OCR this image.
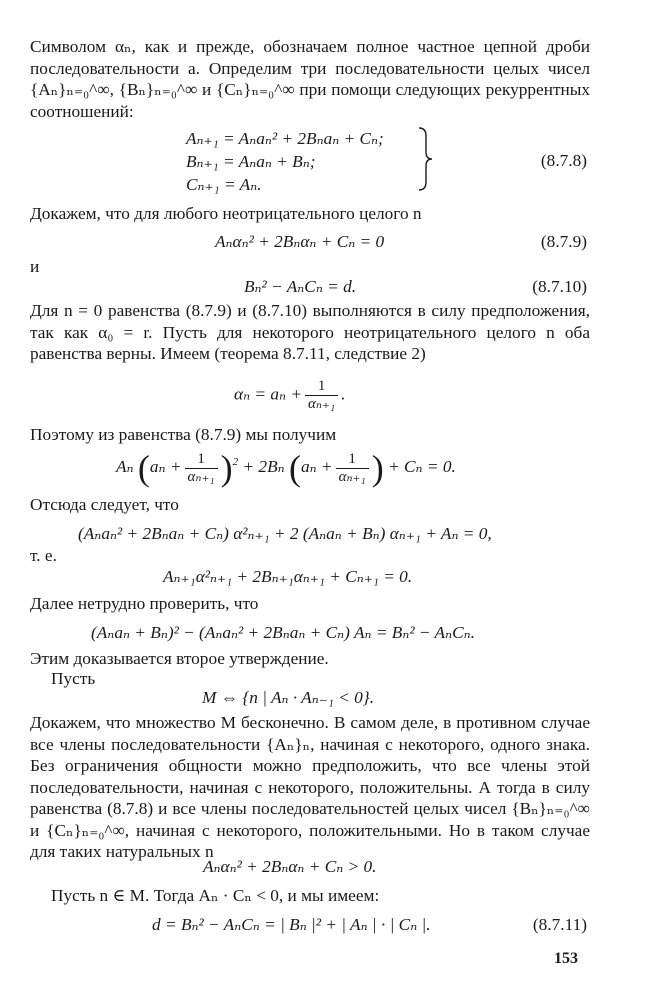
Символом αₙ, как и прежде, обозначаем полное частное цепной дроби последовательности a. Определим три последовательности целых чисел {Aₙ}ₙ₌₀^∞, {Bₙ}ₙ₌₀^∞ и {Cₙ}ₙ₌₀^∞ при помощи следующих рекуррентных соотношений:

Aₙ₊₁ = Aₙaₙ² + 2Bₙaₙ + Cₙ;
Bₙ₊₁ = Aₙaₙ + Bₙ;
Cₙ₊₁ = Aₙ.
(8.7.8)

Докажем, что для любого неотрицательного целого n

Aₙαₙ² + 2Bₙαₙ + Cₙ = 0	(8.7.9)

и

Bₙ² − AₙCₙ = d.	(8.7.10)

Для n = 0 равенства (8.7.9) и (8.7.10) выполняются в силу предположения, так как α₀ = r. Пусть для некоторого неотрицательного целого n оба равенства верны. Имеем (теорема 8.7.11, следствие 2)

$\alpha_n = a_n + \frac{1}{\text{αₙ₊₁}}$ .

Поэтому из равенства (8.7.9) мы получим

Aₙ $(a_n + \frac{1}{\text{αₙ₊₁}} )^2 + 2B_n$ ($a_n + \frac{1}{\text{αₙ₊₁}}$ ) + Cₙ = 0.

Отсюда следует, что

(Aₙaₙ² + 2Bₙaₙ + Cₙ) α²ₙ₊₁ + 2 (Aₙaₙ + Bₙ) αₙ₊₁ + Aₙ = 0,

т. е.

Aₙ₊₁α²ₙ₊₁ + 2Bₙ₊₁αₙ₊₁ + Cₙ₊₁ = 0.

Далее нетрудно проверить, что

(Aₙaₙ + Bₙ)² − (Aₙaₙ² + 2Bₙaₙ + Cₙ) Aₙ = Bₙ² − AₙCₙ.

Этим доказывается второе утверждение.

Пусть

M ⇔ {n | Aₙ · Aₙ₋₁ < 0}.

Докажем, что множество M бесконечно. В самом деле, в противном случае все члены последовательности {Aₙ}ₙ, начиная с некоторого, одного знака. Без ограничения общности можно предположить, что все члены этой последовательности, начиная с некоторого, положительны. А тогда в силу равенства (8.7.8) и все члены последовательностей целых чисел {Bₙ}ₙ₌₀^∞ и {Cₙ}ₙ₌₀^∞, начиная с некоторого, положительными. Но в таком случае для таких натуральных n

Aₙαₙ² + 2Bₙαₙ + Cₙ > 0.

Пусть n ∈ M. Тогда Aₙ · Cₙ < 0, и мы имеем:

d = Bₙ² − AₙCₙ = | Bₙ |² + | Aₙ | · | Cₙ |.	(8.7.11)
153
